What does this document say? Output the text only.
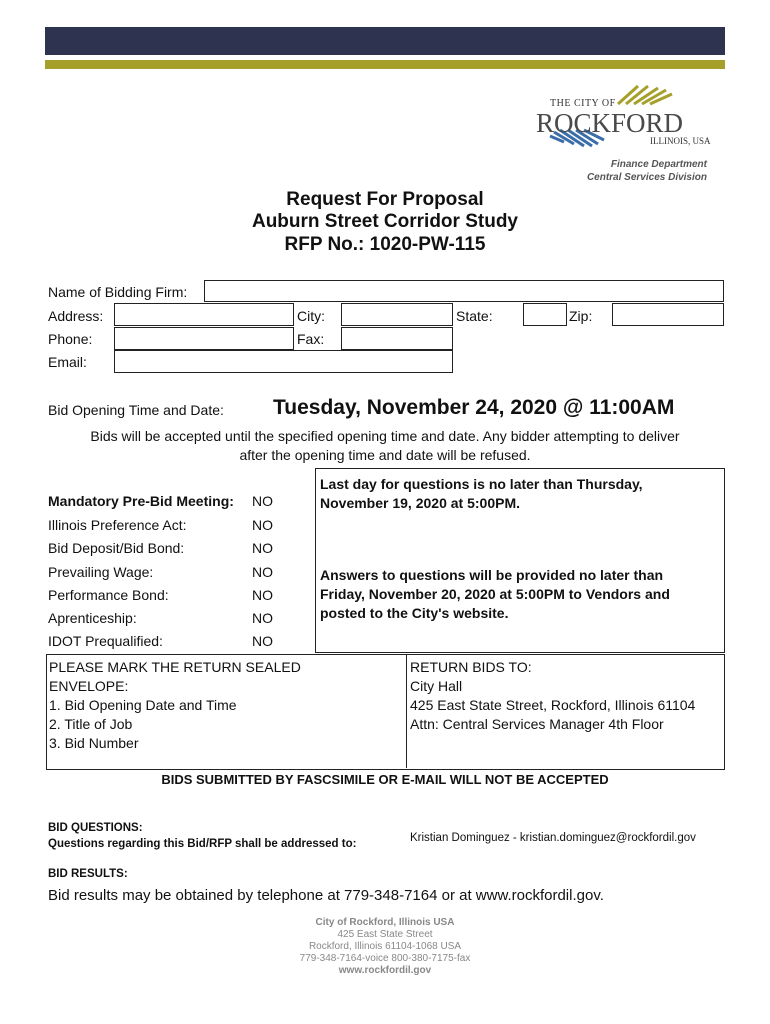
THE CITY OF
ROCKFORD
ILLINOIS, USA
Finance Department
Central Services Division
Request For Proposal
Auburn Street Corridor Study
RFP No.: 1020-PW-115
Name of Bidding Firm:
Address:	City:	State:	Zip:
Phone:	Fax:
Email:
Bid Opening Time and Date: Tuesday, November 24, 2020 @ 11:00AM
Bids will be accepted until the specified opening time and date. Any bidder attempting to deliver
after the opening time and date will be refused.
Mandatory Pre-Bid Meeting: NO
Illinois Preference Act:	NO
Bid Deposit/Bid Bond:	NO
Prevailing Wage:	NO
Performance Bond:	NO
Aprenticeship:	NO
IDOT Prequalified:	NO
Last day for questions is no later than Thursday,
November 19, 2020 at 5:00PM.
Answers to questions will be provided no later than
Friday, November 20, 2020 at 5:00PM to Vendors and
posted to the City's website.
PLEASE MARK THE RETURN SEALED
ENVELOPE:
1. Bid Opening Date and Time
2. Title of Job
3. Bid Number
RETURN BIDS TO:
City Hall
425 East State Street, Rockford, Illinois 61104
Attn: Central Services Manager 4th Floor
BIDS SUBMITTED BY FASCSIMILE OR E-MAIL WILL NOT BE ACCEPTED
BID QUESTIONS:
Questions regarding this Bid/RFP shall be addressed to:	Kristian Dominguez - kristian.dominguez@rockfordil.gov
BID RESULTS:
Bid results may be obtained by telephone at 779-348-7164 or at www.rockfordil.gov.
City of Rockford, Illinois USA
425 East State Street
Rockford, Illinois 61104-1068 USA
779-348-7164-voice 800-380-7175-fax
www.rockfordil.gov
